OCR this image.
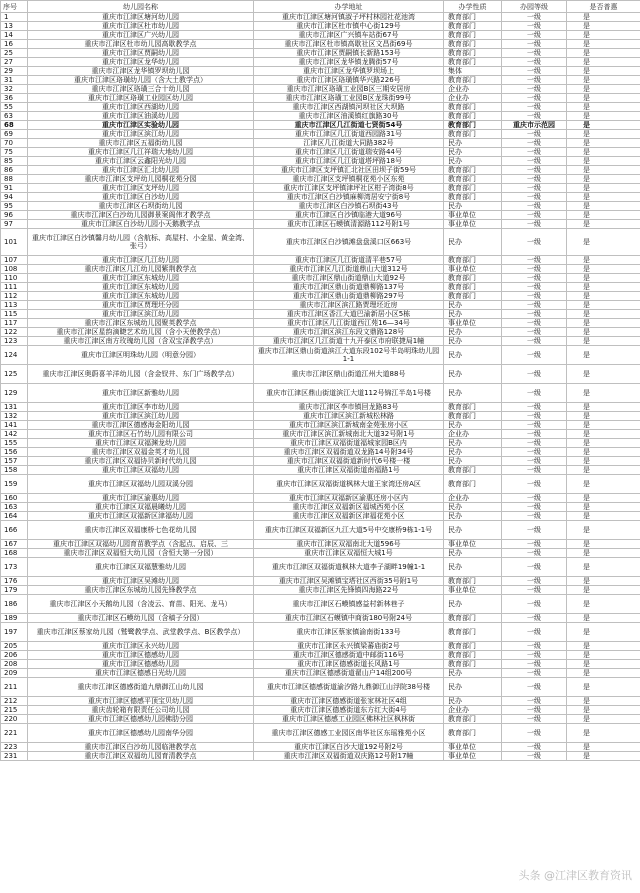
序号	幼儿园名称	办学地址	办学性质	办园等级	是否普惠
1	重庆市江津区塘河幼儿园	重庆市江津区塘河镇淑子坪村林园社花池湾	教育部门	一级	是
13	重庆市江津区杜市幼儿园	重庆市江津区杜市镇中心街129号	教育部门	一级	是
14	重庆市江津区广兴幼儿园	重庆市江津区广兴镇车站街67号	教育部门	一级	是
16	重庆市江津区杜市幼儿园高歇教学点	重庆市江津区杜市镇高歇社区文昌街69号	教育部门	一级	是
25	重庆市江津区贾嗣幼儿园	重庆市江津区贾嗣镇长新路153号	教育部门	一级	是
27	重庆市江津区龙华幼儿园	重庆市江津区龙华镇龙腾街57号	教育部门	一级	是
29	重庆市江津区龙华镇罗坝幼儿园	重庆市江津区龙华镇罗坝场上	集体	一级	是
31	重庆市江津区珞璜幼儿园（含大土教学点）	重庆市江津区珞璜镇华兴路226号	教育部门	一级	是
32	重庆市江津区珞璜三合十幼儿园	重庆市江津区珞璜工业园B区三期安居房	企业办	一级	是
36	重庆市江津区珞璜工业园区幼儿园	重庆市江津区珞璜工业园B区龙珠街99号	企业办	一级	是
55	重庆市江津区西湖幼儿园	重庆市江津区西湖镇河坝社区大坝路	教育部门	一级	是
63	重庆市江津区油溪幼儿园	重庆市江津区油溪镇红旗路30号	教育部门	一级	是
68	重庆市江津区实验幼儿园	重庆市江津区几江街道七贤街54号	教育部门	重庆市示范园	是
69	重庆市江津区滨江幼儿园	重庆市江津区几江街道西园路31号	教育部门	一级	是
70	重庆市江津区五福街幼儿园	江津区几江街道大同路382号	民办	一级	是
75	重庆市江津区几江祥瑞大地幼儿园	重庆市江津区几江街道瑞安路44号	民办	一级	是
85	重庆市江津区云鑫阳光幼儿园	重庆市江津区几江街道塔坪路18号	民办	一级	是
86	重庆市江津区汇北幼儿园	重庆市江津区支坪镇汇北社区田坝子街59号	教育部门	一级	是
88	重庆市江津区支坪幼儿园桐花苑分园	重庆市江津区支坪镇桐花苑小区东苑	教育部门	一级	是
91	重庆市江津区支坪幼儿园	重庆市江津区支坪镇津坪社区柑子湾街8号	教育部门	一级	是
94	重庆市江津区白沙幼儿园	重庆市江津区白沙镇麻柳湾居安宁街8号	教育部门	一级	是
95	重庆市江津区石坝街幼儿园	重庆市江津区白沙镇石坝街43号	民办	一级	是
96	重庆市江津区白沙幼儿园御景案阁伟才教学点	重庆市江津区白沙镇临港大道96号	事业单位	一级	是
97	重庆市江津区白沙幼儿园小天鹅教学点	重庆市江津区石蟆镇清源路112号附1号	事业单位	一级	是
101	重庆市江津区白沙镇馨月幼儿园（含航标、高屋村、小金星、黄金湾、张弓）	重庆市江津区白沙镇滩盘盘溪口区663号	民办	一级	是
107	重庆市江津区几江幼儿园	重庆市江津区几江街道清平巷57号	教育部门	一级	是
108	重庆市江津区几江幼儿园紫荆教学点	重庆市江津区几江街道鼎山大道312号	事业单位	一级	是
110	重庆市江津区东城幼儿园	重庆市江津区鼎山街道鼎山大道92号	教育部门	一级	是
111	重庆市江津区东城幼儿园	重庆市江津区鼎山街道鼎柳路137号	教育部门	一级	是
112	重庆市江津区东城幼儿园	重庆市江津区鼎山街道鼎柳路297号	教育部门	一级	是
113	重庆市江津区贾理坯分园	重庆市江津区滨江路贾理坯近房	民办	一级	是
115	重庆市江津区滨江幼儿园	重庆市江津区香江大道巴渝新居小区5栋	民办	一级	是
117	重庆市江津区东城幼儿园聚英教学点	重庆市江津区几江街道西江苑16—34号	事业单位	一级	是
122	重庆市江津区星韵滴睫艺术幼儿园（含小天使教学点）	重庆市江津区滨江东段文鼎路128号	民办	一级	是
123	重庆市江津区南方玫瑰幼儿园（含双宝泽教学点）	重庆市江津区几江街道十九开泰区市府联捷局1幢	民办	一级	是
124	重庆市江津区明珠幼儿园（明意分园）	重庆市江津区鼎山街道滨江大道东段102号半岛明珠幼儿园1-1	民办	一级	是
125	重庆市江津区奥蔚喜羊洋幼儿园（含金钗井、东门广场教学点）	重庆市江津区鼎山街道江州大道88号	民办	一级	是
129	重庆市江津区新雅幼儿园	重庆市江津区鼎山街道滨江大道112号锦江半岛1号楼	民办	一级	是
131	重庆市江津区李市幼儿园	重庆市江津区李市镇回龙路83号	教育部门	一级	是
132	重庆市江津区滨江幼儿园	重庆市江津区滨江新城松林路	教育部门	一级	是
141	重庆市江津区德感海金阳幼儿园	重庆市江津区滨江新城南金苑张房小区	民办	一级	是
142	重庆市江津区石竹幼儿园有限公司	重庆市江津区滨江新城南北大道32号附1号	企业办	一级	是
155	重庆市江津区双福渊龙幼儿园	重庆市江津区双福街道福城家园B区内	民办	一级	是
156	重庆市江津区双福金英才幼儿园	重庆市江津区双福街道双龙路14号附34号	民办	一级	是
157	重庆市江津区双福协贝新时代幼儿园	重庆市江津区双福街道新时代6号楼一楼	民办	一级	是
158	重庆市江津区双福幼儿园	重庆市江津区双福街道南福路1号	教育部门	一级	是
159	重庆市江津区双福幼儿园双溪分园	重庆市江津区双福街道枫林大道王家湾还房A区	教育部门	一级	是
160	重庆市江津区渝惠幼儿园	重庆市江津区双福新区渝惠还房小区内	企业办	一级	是
163	重庆市江津区双福晨曦幼儿园	重庆市江津区双福新区福城西苑小区	民办	一级	是
164	重庆市江津区双福新区津福幼儿园	重庆市江津区双福新区津福花苑小区	民办	一级	是
166	重庆市江津区双福康桥七色花幼儿园	重庆市江津区双福新区九江大道5号中交康桥9栋1-1号	民办	一级	是
167	重庆市江津区双福幼儿园育苗教学点（含起点、启辰、三	重庆市江津区双福南北大道596号	事业单位	一级	是
168	重庆市江津区双福恒大幼儿园（含恒大第一分园）	重庆市江津区双福恒大城1号	民办	一级	是
173	重庆市江津区双福慧雅幼儿园	重庆市江津区双福街道枫林大道李子湖畔19幢1-1	民办	一级	是
176	重庆市江津区吴滩幼儿园	重庆市江津区吴滩镇宝塔社区西街35号附1号	教育部门	一级	是
179	重庆市江津区东城幼儿园先锋教学点	重庆市江津区先锋镇四海路22号	事业单位	一级	是
186	重庆市江津区小天鹅幼儿园（含凌云、育苗、阳光、龙马）	重庆市江津区石蟆镇感益村新林巷子	民办	一级	是
189	重庆市江津区石蟆幼儿园（含稿子分园）	重庆市江津区石蟆镇中商街180号附24号	教育部门	一级	是
197	重庆市江津区蔡家幼儿园（鹫鹭教学点、武堂教学点、B区教学点）	重庆市江津区蔡家镇渝南街133号	教育部门	一级	是
205	重庆市江津区永兴幼儿园	重庆市江津区永兴镇梁蕃庙街2号	教育部门	一级	是
206	重庆市江津区德感幼儿园	重庆市江津区德感街道中邮街116号	教育部门	一级	是
208	重庆市江津区德感幼儿园	重庆市江津区德感街道长风路1号	教育部门	一级	是
209	重庆市江津区德感日光幼儿园	重庆市江津区德感街道翟山户14组200号	民办	一级	是
211	重庆市江津区德感街道九鼎御江山幼儿园	重庆市江津区德感街道渝汐路九鼎御江山浮院38号楼	民办	一级	是
212	重庆市江津区德感平顶宝贝幼儿园	重庆市江津区德感街道张家林社区4组	民办	一级	是
215	重庆齿轮箱有限责任公司幼儿园	重庆市江津区德感街道东方红大街4号	企业办	一级	是
220	重庆市江津区德感幼儿园佛肋分园	重庆市江津区德感工业园区佛林社区枫林街	教育部门	一级	是
221	重庆市江津区德感幼儿园南华分园	重庆市江津区德感工业园区南华社区东瑶雅苑小区	教育部门	一级	是
223	重庆市江津区白沙幼儿园临港教学点	重庆市江津区白沙大道192号附2号	事业单位	一级	是
231	重庆市江津区双福幼儿园育清教学点	重庆市江津区双福街道双庆路12号附17幢	事业单位	一级	是
头条 @江津区教育资讯
